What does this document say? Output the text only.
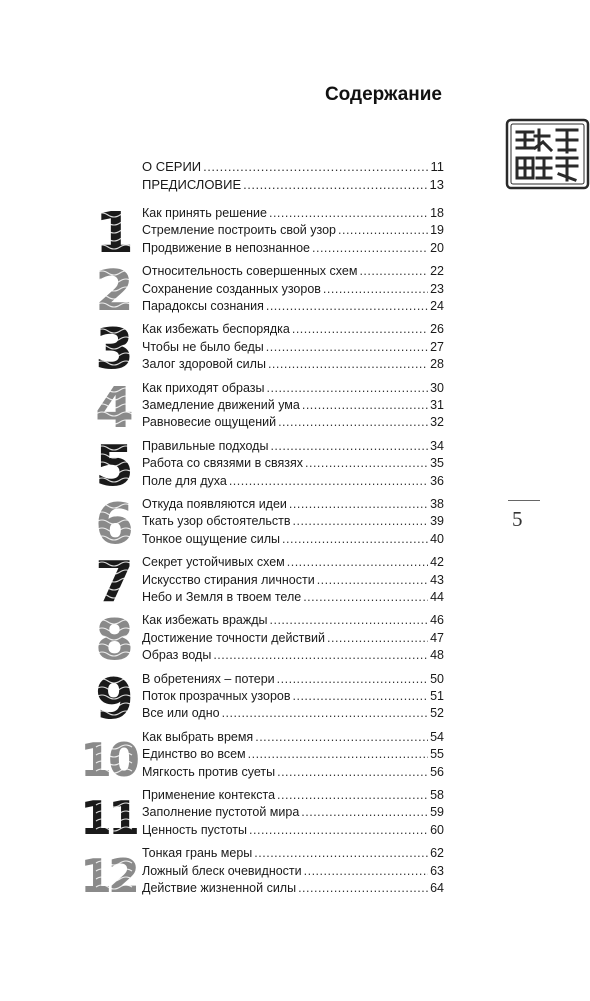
Содержание
5
О СЕРИИ .....	11
ПРЕДИСЛОВИЕ .....	13
Как принять решение .....	18
Стремление построить свой узор .....	19
Продвижение в непознанное .....	20
1
Относительность совершенных схем .....	22
Сохранение созданных узоров .....	23
Парадоксы сознания .....	24
2
Как избежать беспорядка .....	26
Чтобы не было беды .....	27
Залог здоровой силы .....	28
3
Как приходят образы .....	30
Замедление движений ума .....	31
Равновесие ощущений .....	32
4
Правильные подходы .....	34
Работа со связями в связях .....	35
Поле для духа .....	36
5
Откуда появляются идеи .....	38
Ткать узор обстоятельств .....	39
Тонкое ощущение силы .....	40
6
Секрет устойчивых схем .....	42
Искусство стирания личности .....	43
Небо и Земля в твоем теле .....	44
7
Как избежать вражды .....	46
Достижение точности действий .....	47
Образ воды .....	48
8
В обретениях – потери .....	50
Поток прозрачных узоров .....	51
Все или одно .....	52
9
Как выбрать время .....	54
Единство во всем .....	55
Мягкость против суеты .....	56
10
Применение контекста .....	58
Заполнение пустотой мира .....	59
Ценность пустоты .....	60
11
Тонкая грань меры .....	62
Ложный блеск очевидности .....	63
Действие жизненной силы .....	64
12
